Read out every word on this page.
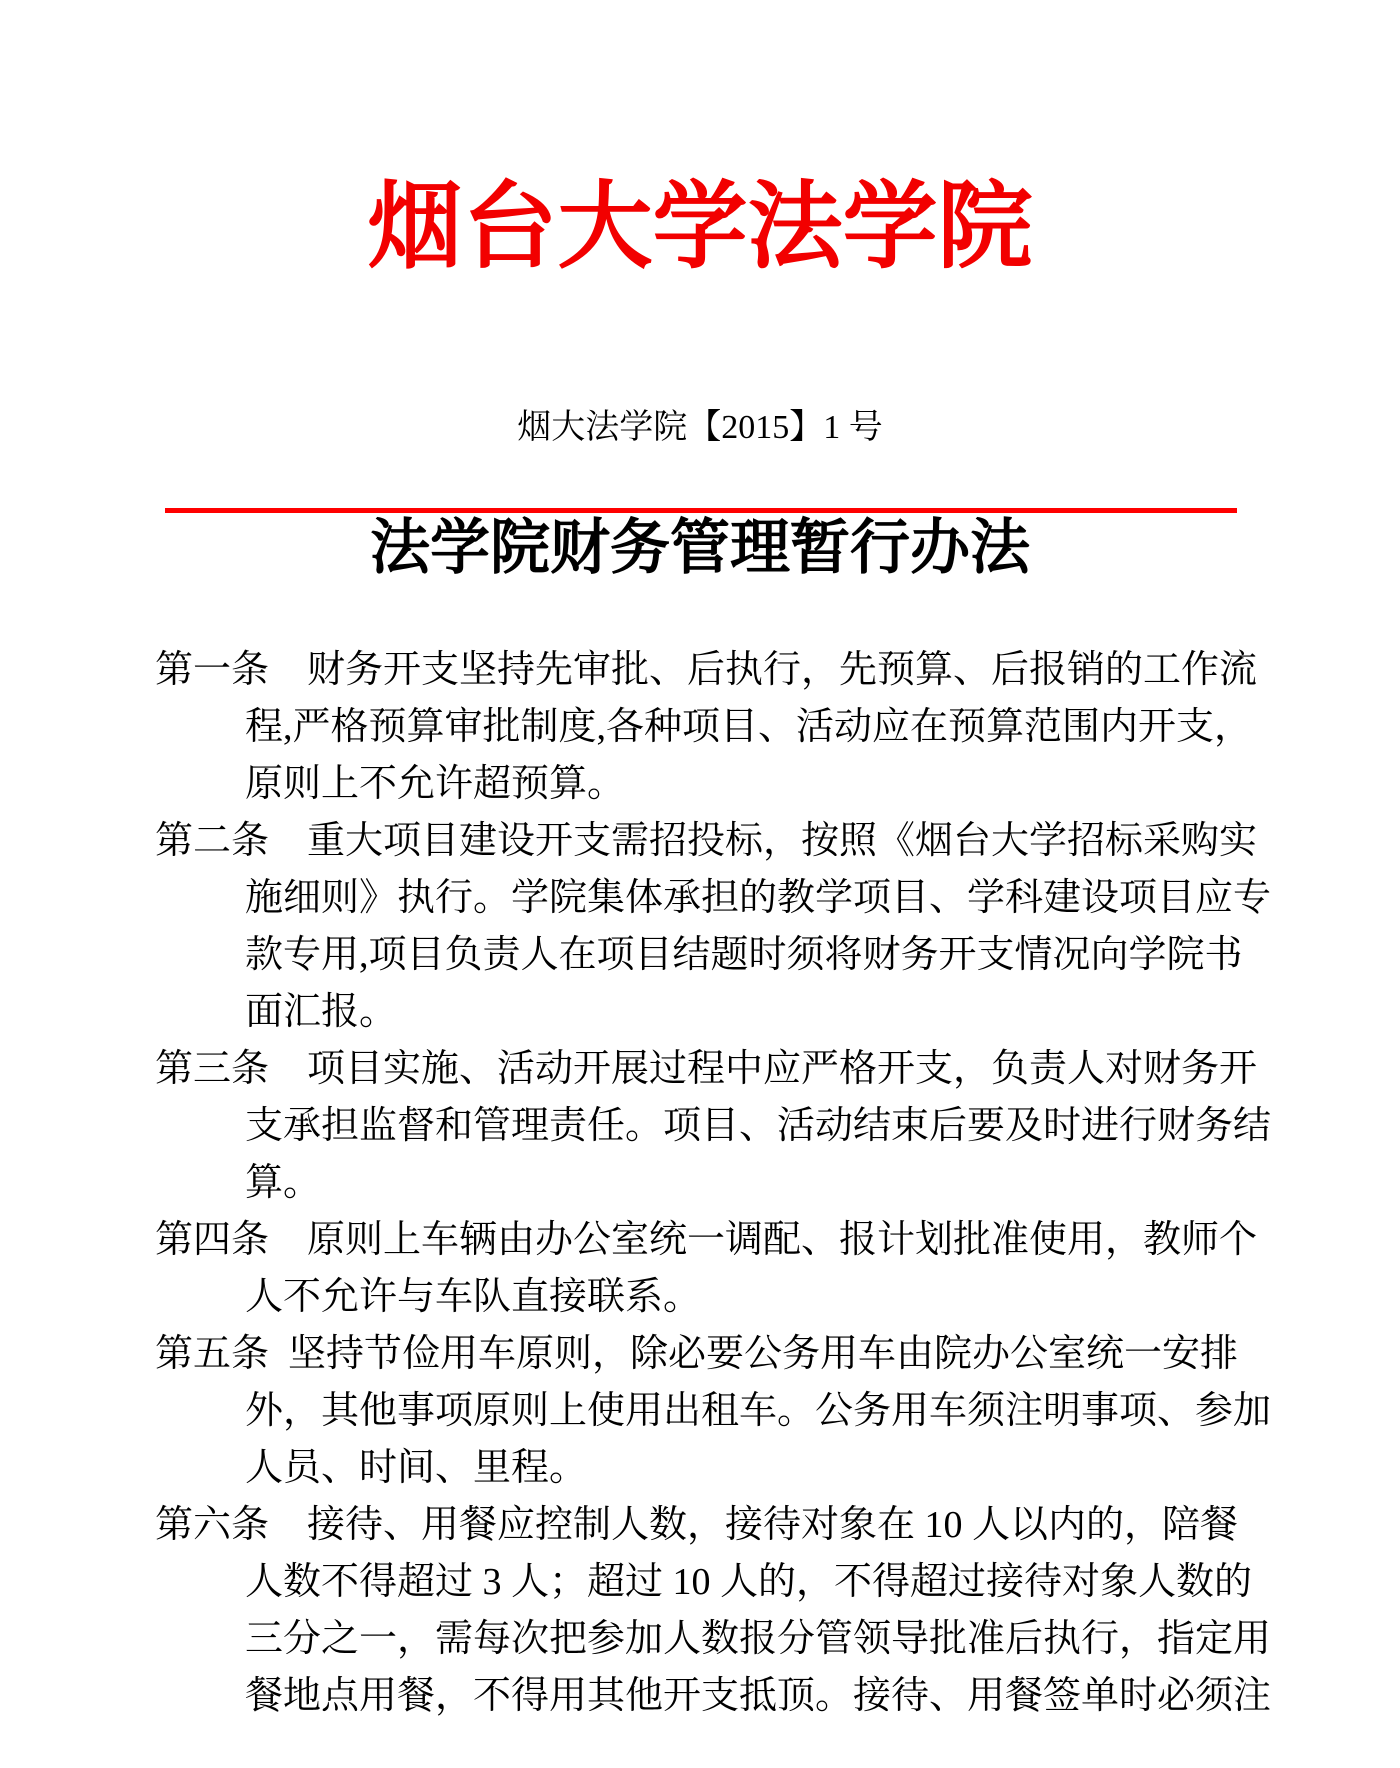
烟台大学法学院
烟大法学院【2015】1 号
法学院财务管理暂行办法
第一条　 财务开支坚持先审批、后执行，先预算、后报销的工作流
程,严格预算审批制度,各种项目、活动应在预算范围内开支，
原则上不允许超预算。
第二条　 重大项目建设开支需招投标，按照《烟台大学招标采购实
施细则》执行。学院集体承担的教学项目、学科建设项目应专
款专用,项目负责人在项目结题时须将财务开支情况向学院书
面汇报。
第三条　 项目实施、活动开展过程中应严格开支，负责人对财务开
支承担监督和管理责任。项目、活动结束后要及时进行财务结
算。
第四条　 原则上车辆由办公室统一调配、报计划批准使用，教师个
人不允许与车队直接联系。
第五条  坚持节俭用车原则，除必要公务用车由院办公室统一安排
外，其他事项原则上使用出租车。公务用车须注明事项、参加
人员、时间、里程。
第六条　 接待、用餐应控制人数，接待对象在 10 人以内的，陪餐
人数不得超过 3 人；超过 10 人的，不得超过接待对象人数的
三分之一，需每次把参加人数报分管领导批准后执行，指定用
餐地点用餐，不得用其他开支抵顶。接待、用餐签单时必须注
